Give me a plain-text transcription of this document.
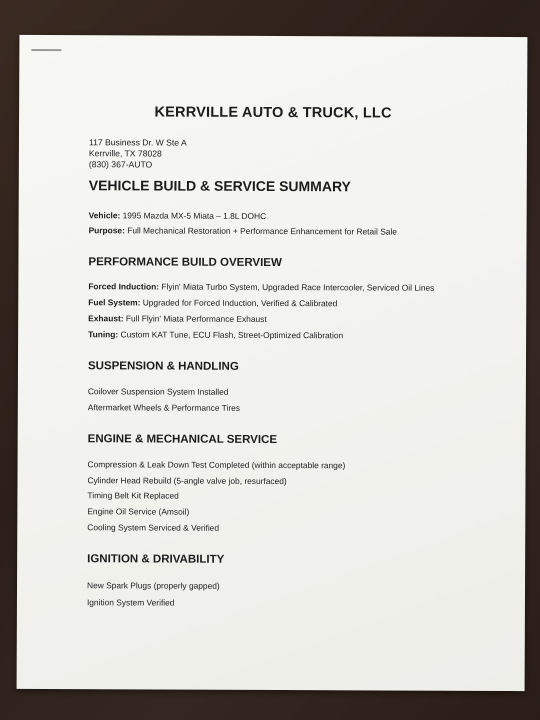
KERRVILLE AUTO & TRUCK, LLC
117 Business Dr. W Ste A
Kerrville, TX 78028
(830) 367-AUTO
VEHICLE BUILD & SERVICE SUMMARY
Vehicle: 1995 Mazda MX-5 Miata – 1.8L DOHC
Purpose: Full Mechanical Restoration + Performance Enhancement for Retail Sale
PERFORMANCE BUILD OVERVIEW
Forced Induction: Flyin' Miata Turbo System, Upgraded Race Intercooler, Serviced Oil Lines
Fuel System: Upgraded for Forced Induction, Verified & Calibrated
Exhaust: Full Flyin' Miata Performance Exhaust
Tuning: Custom KAT Tune, ECU Flash, Street-Optimized Calibration
SUSPENSION & HANDLING
Coilover Suspension System Installed
Aftermarket Wheels & Performance Tires
ENGINE & MECHANICAL SERVICE
Compression & Leak Down Test Completed (within acceptable range)
Cylinder Head Rebuild (5-angle valve job, resurfaced)
Timing Belt Kit Replaced
Engine Oil Service (Amsoil)
Cooling System Serviced & Verified
IGNITION & DRIVABILITY
New Spark Plugs (properly gapped)
Ignition System Verified
